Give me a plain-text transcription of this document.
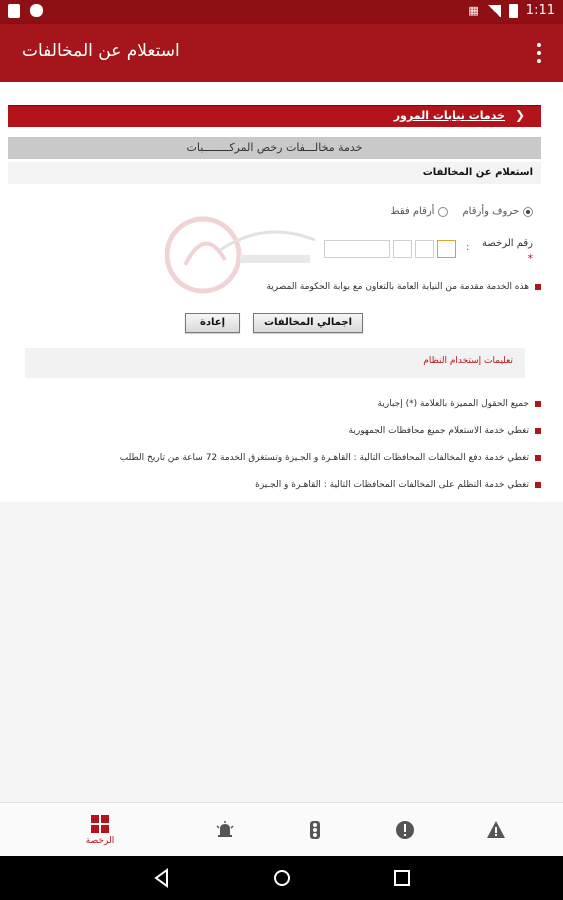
▦	1:11
استعلام عن المخالفات
خدمات نيابات المرور ❯
خدمة مخالـــفات رخص المركــــــــبات
استعلام عن المخالفات
حروف وأرقام
أرقام فقط
رقم الرخصة
*
:
هذه الخدمة مقدمة من النيابة العامة بالتعاون مع بوابة الحكومة المصرية
اجمالي المخالفات
إعادة
تعليمات إستخدام النظام
جميع الحقول المميزة بالعلامة (*) إجبارية
تغطي خدمة الاستعلام جميع محافظات الجمهورية
تغطي خدمة دفع المخالفات المحافظات التالية : القاهـرة و الجـيزة وتستغرق الخدمة 72 ساعة من تاريخ الطلب
تغطي خدمة التظلم على المخالفات المحافظات التالية : القاهـرة و الجـيزة
الرخصة
